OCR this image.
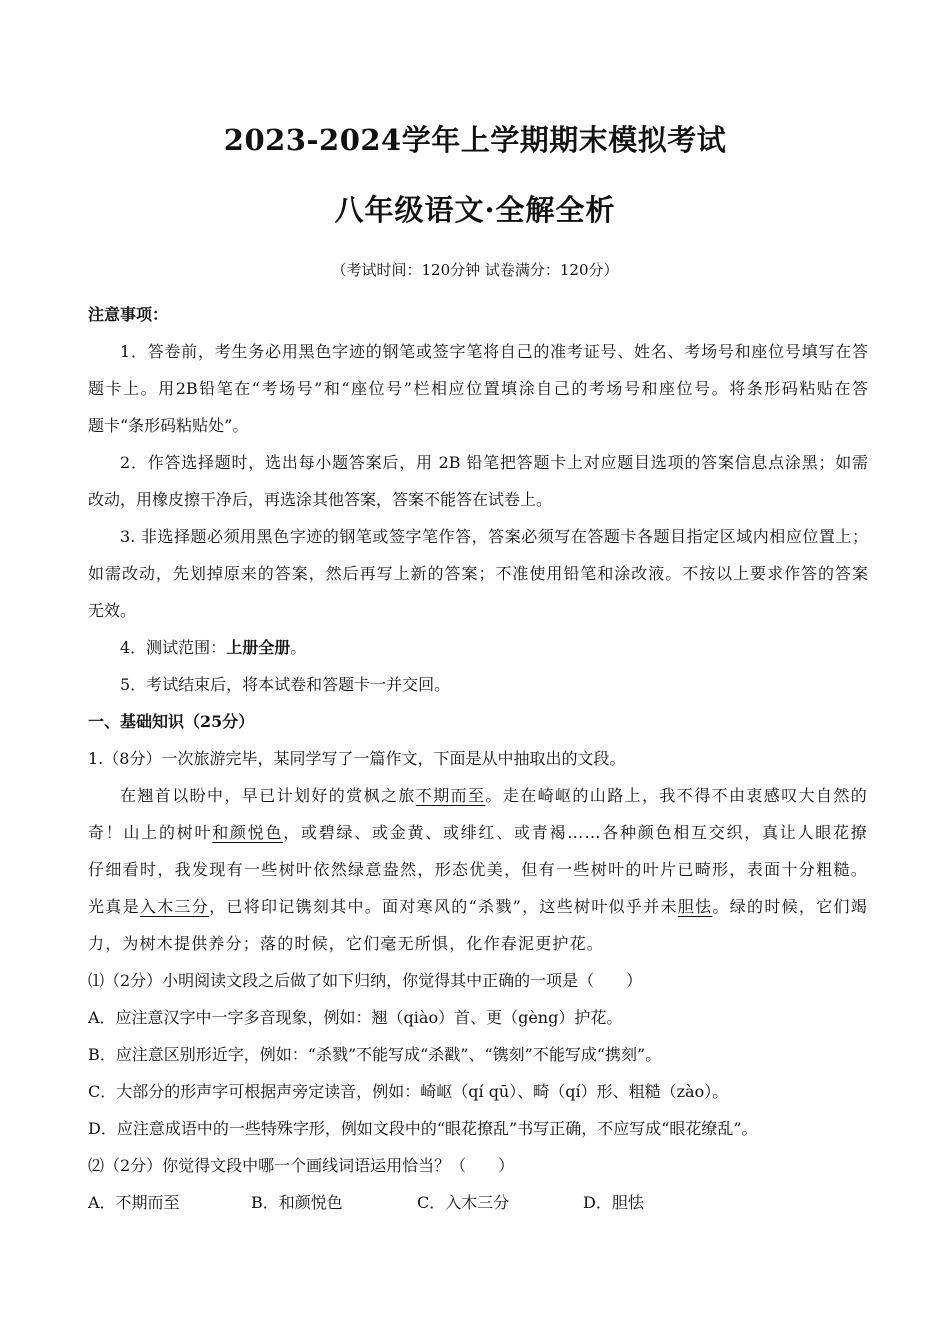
2023-2024学年上学期期末模拟考试
八年级语文·全解全析
（考试时间：120分钟 试卷满分：120分）
注意事项：
1．答卷前，考生务必用黑色字迹的钢笔或签字笔将自己的准考证号、姓名、考场号和座位号填写在答
题卡上。用2B铅笔在“考场号”和“座位号”栏相应位置填涂自己的考场号和座位号。将条形码粘贴在答
题卡“条形码粘贴处”。
2．作答选择题时，选出每小题答案后，用 2B 铅笔把答题卡上对应题目选项的答案信息点涂黑；如需
改动，用橡皮擦干净后，再选涂其他答案，答案不能答在试卷上。
3. 非选择题必须用黑色字迹的钢笔或签字笔作答，答案必须写在答题卡各题目指定区域内相应位置上；
如需改动，先划掉原来的答案，然后再写上新的答案；不准使用铅笔和涂改液。不按以上要求作答的答案
无效。
4．测试范围：上册全册。
5．考试结束后，将本试卷和答题卡一并交回。
一、基础知识（25分）
1.（8分）一次旅游完毕，某同学写了一篇作文，下面是从中抽取出的文段。
在翘首以盼中，早已计划好的赏枫之旅不期而至。走在崎岖的山路上，我不得不由衷感叹大自然的
奇！山上的树叶和颜悦色，或碧绿、或金黄、或绯红、或青褐……各种颜色相互交织，真让人眼花撩
仔细看时，我发现有一些树叶依然绿意盎然，形态优美，但有一些树叶的叶片已畸形，表面十分粗糙。
光真是入木三分，已将印记镌刻其中。面对寒风的“杀戮”，这些树叶似乎并未胆怯。绿的时候，它们竭
力，为树木提供养分；落的时候，它们毫无所惧，化作春泥更护花。
⑴（2分）小明阅读文段之后做了如下归纳，你觉得其中正确的一项是（　　）
A．应注意汉字中一字多音现象，例如：翘（qiào）首、更（gèng）护花。
B．应注意区别形近字，例如：“杀戮”不能写成“杀戳”、“镌刻”不能写成“携刻”。
C．大部分的形声字可根据声旁定读音，例如：崎岖（qí qū）、畸（qí）形、粗糙（zào）。
D．应注意成语中的一些特殊字形，例如文段中的“眼花撩乱”书写正确，不应写成“眼花缭乱”。
⑵（2分）你觉得文段中哪一个画线词语运用恰当？（　　）
A．不期而至	B．和颜悦色	C．入木三分	D．胆怯
